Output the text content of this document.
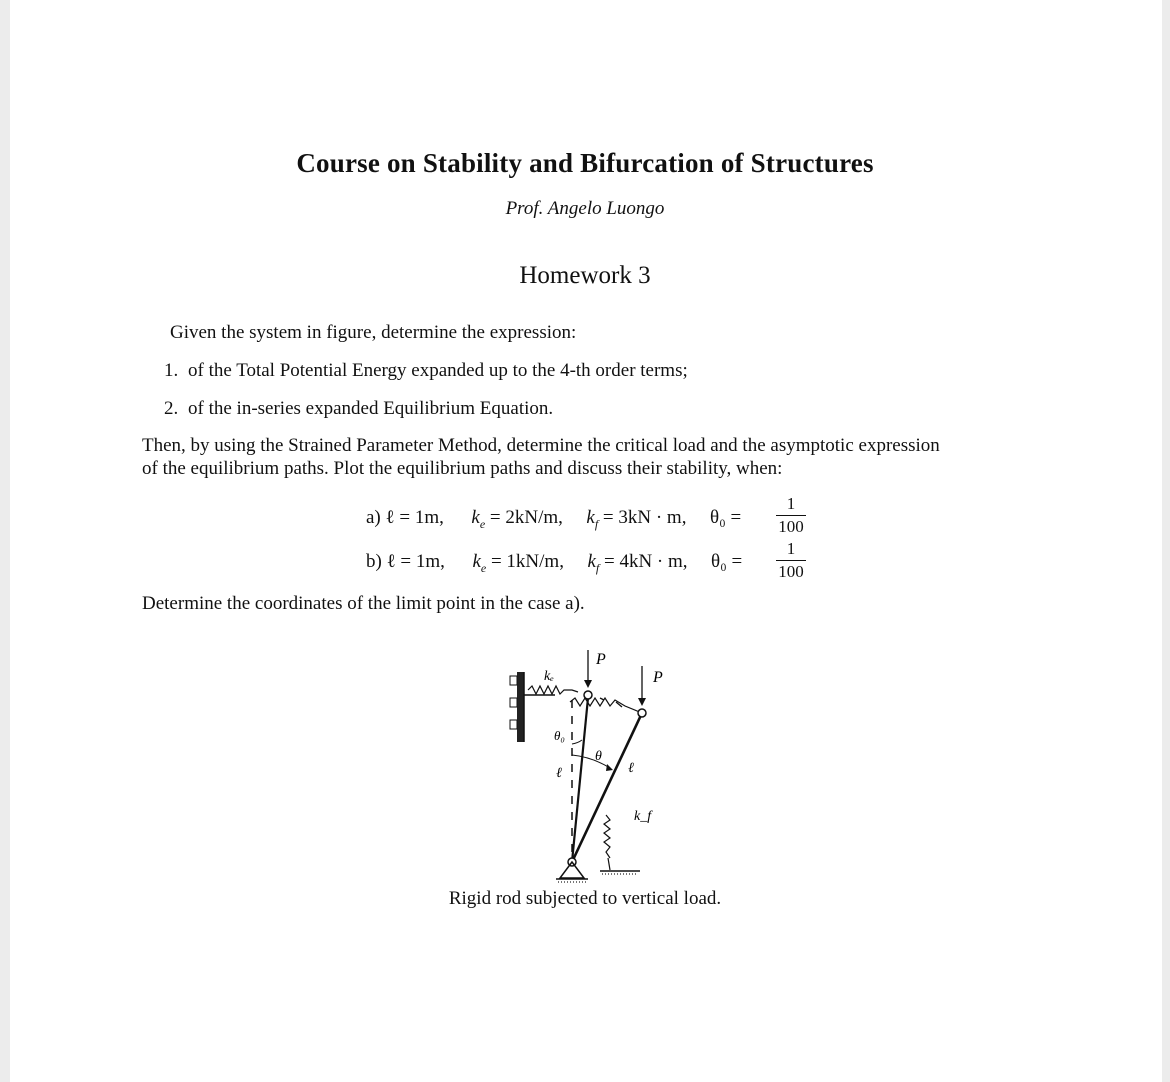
Course on Stability and Bifurcation of Structures
Prof. Angelo Luongo
Homework 3
Given the system in figure, determine the expression:
1. of the Total Potential Energy expanded up to the 4-th order terms;
2. of the in-series expanded Equilibrium Equation.
Then, by using the Strained Parameter Method, determine the critical load and the asymptotic expression
of the equilibrium paths. Plot the equilibrium paths and discuss their stability, when:
a) ℓ = 1m, $k_e = 2kN/m$, $k_f = 3kN \cdot m$, θ₀ =
1
100
b) ℓ = 1m, $k_e = 1kN/m$, $k_f = 4kN \cdot m$, θ₀ =
1
100
Determine the coordinates of the limit point in the case a).
P
P
kₑ
θ₀
θ
ℓ	ℓ
k_f
Rigid rod subjected to vertical load.
